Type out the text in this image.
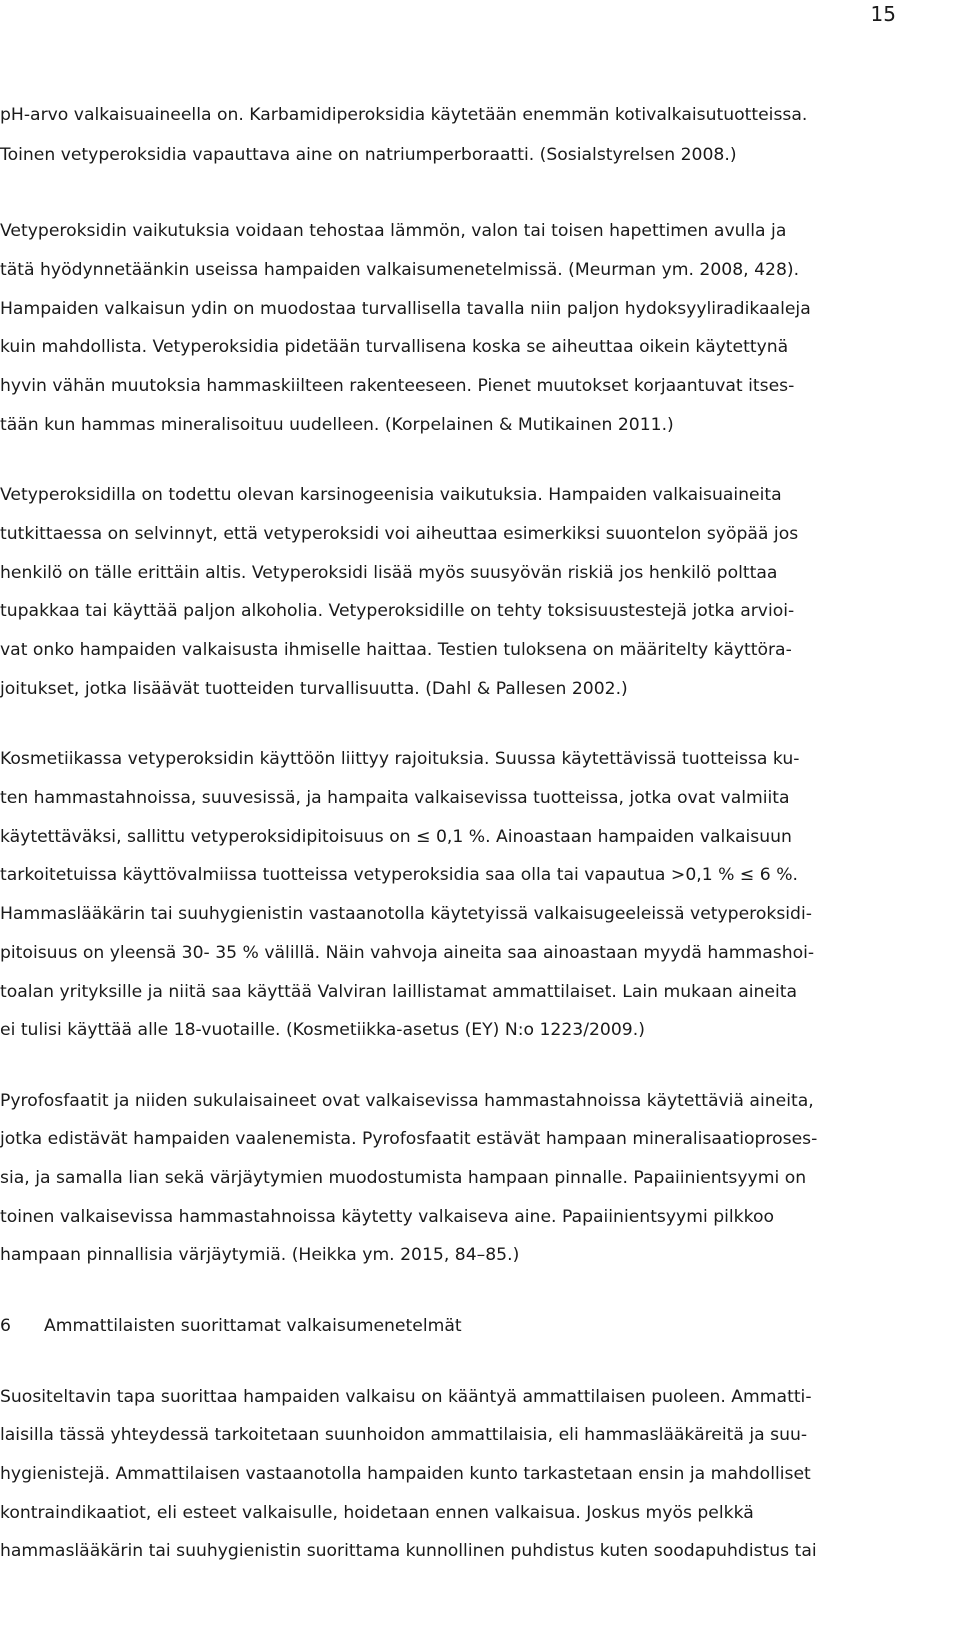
15
pH-arvo valkaisuaineella on. Karbamidiperoksidia käytetään enemmän kotivalkaisutuotteissa.
Toinen vetyperoksidia vapauttava aine on natriumperboraatti. (Sosialstyrelsen 2008.)
Vetyperoksidin vaikutuksia voidaan tehostaa lämmön, valon tai toisen hapettimen avulla ja
tätä hyödynnetäänkin useissa hampaiden valkaisumenetelmissä. (Meurman ym. 2008, 428).
Hampaiden valkaisun ydin on muodostaa turvallisella tavalla niin paljon hydoksyyliradikaaleja
kuin mahdollista. Vetyperoksidia pidetään turvallisena koska se aiheuttaa oikein käytettynä
hyvin vähän muutoksia hammaskiilteen rakenteeseen. Pienet muutokset korjaantuvat itses-
tään kun hammas mineralisoituu uudelleen. (Korpelainen & Mutikainen 2011.)
Vetyperoksidilla on todettu olevan karsinogeenisia vaikutuksia. Hampaiden valkaisuaineita
tutkittaessa on selvinnyt, että vetyperoksidi voi aiheuttaa esimerkiksi suuontelon syöpää jos
henkilö on tälle erittäin altis. Vetyperoksidi lisää myös suusyövän riskiä jos henkilö polttaa
tupakkaa tai käyttää paljon alkoholia. Vetyperoksidille on tehty toksisuustestejä jotka arvioi-
vat onko hampaiden valkaisusta ihmiselle haittaa. Testien tuloksena on määritelty käyttöra-
joitukset, jotka lisäävät tuotteiden turvallisuutta. (Dahl & Pallesen 2002.)
Kosmetiikassa vetyperoksidin käyttöön liittyy rajoituksia. Suussa käytettävissä tuotteissa ku-
ten hammastahnoissa, suuvesissä, ja hampaita valkaisevissa tuotteissa, jotka ovat valmiita
käytettäväksi, sallittu vetyperoksidipitoisuus on ≤ 0,1 %. Ainoastaan hampaiden valkaisuun
tarkoitetuissa käyttövalmiissa tuotteissa vetyperoksidia saa olla tai vapautua >0,1 % ≤ 6 %.
Hammaslääkärin tai suuhygienistin vastaanotolla käytetyissä valkaisugeeleissä vetyperoksidi-
pitoisuus on yleensä 30- 35 % välillä. Näin vahvoja aineita saa ainoastaan myydä hammashoi-
toalan yrityksille ja niitä saa käyttää Valviran laillistamat ammattilaiset. Lain mukaan aineita
ei tulisi käyttää alle 18-vuotaille. (Kosmetiikka-asetus (EY) N:o 1223/2009.)
Pyrofosfaatit ja niiden sukulaisaineet ovat valkaisevissa hammastahnoissa käytettäviä aineita,
jotka edistävät hampaiden vaalenemista. Pyrofosfaatit estävät hampaan mineralisaatioproses-
sia, ja samalla lian sekä värjäytymien muodostumista hampaan pinnalle. Papaiinientsyymi on
toinen valkaisevissa hammastahnoissa käytetty valkaiseva aine. Papaiinientsyymi pilkkoo
hampaan pinnallisia värjäytymiä. (Heikka ym. 2015, 84–85.)
6 Ammattilaisten suorittamat valkaisumenetelmät
Suositeltavin tapa suorittaa hampaiden valkaisu on kääntyä ammattilaisen puoleen. Ammatti-
laisilla tässä yhteydessä tarkoitetaan suunhoidon ammattilaisia, eli hammaslääkäreitä ja suu-
hygienistejä. Ammattilaisen vastaanotolla hampaiden kunto tarkastetaan ensin ja mahdolliset
kontraindikaatiot, eli esteet valkaisulle, hoidetaan ennen valkaisua. Joskus myös pelkkä
hammaslääkärin tai suuhygienistin suorittama kunnollinen puhdistus kuten soodapuhdistus tai
